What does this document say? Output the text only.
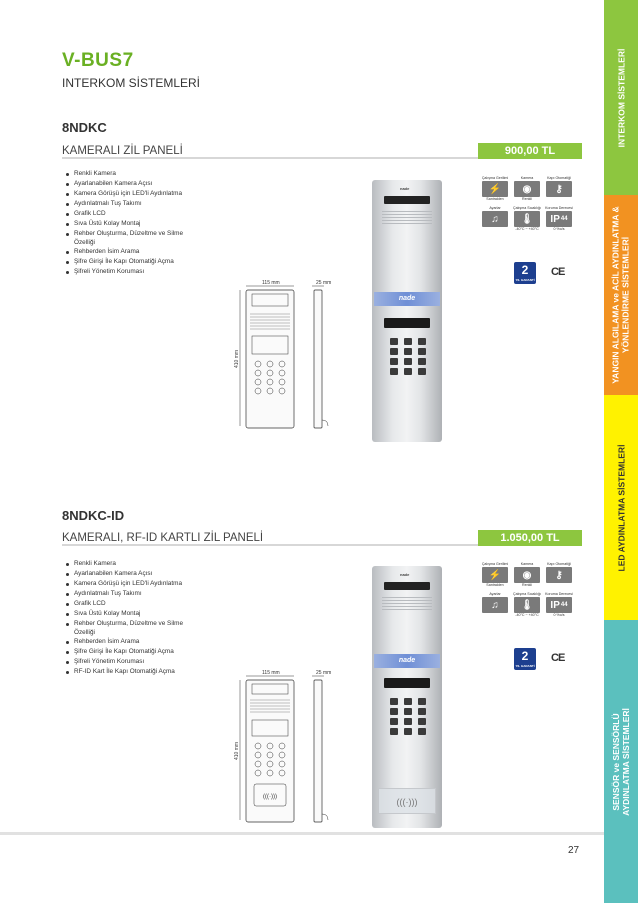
INTERKOM SİSTEMLERİ
YANGIN ALGILAMA ve ACİL AYDINLATMA & YÖNLENDİRME SİSTEMLERİ
LED AYDINLATMA SİSTEMLERİ
SENSÖR ve SENSÖRLÜ AYDINLATMA SİSTEMLERİ
V-BUS7
INTERKOM SİSTEMLERİ
8NDKC
KAMERALI ZİL PANELİ	900,00 TL
Renkli Kamera
Ayarlanabilen Kamera Açısı
Kamera Görüşü için LED'li Aydınlatma
Aydınlatmalı Tuş Takımı
Grafik LCD
Sıva Üstü Kolay Montaj
Rehber Oluşturma, Düzeltme ve Silme Özelliği
Rehberden İsim Arama
Şifre Girişi İle Kapı Otomatiği Açma
Şifreli Yönetim Koruması
115 mm	25 mm
410 mm
nade
nade
Çalışma Gerilimi
⚡
Santralden
Kamera
◉
Renkli
Kapı Otomatiği
⚷
Ayarlar
♫
Çalışma Sıcaklığı
🌡
-40°C ~ +40°C
Koruma Derecesi
IP 44
0 %o/s
2
YIL GARANTİ
CE
8NDKC-ID
KAMERALI, RF-ID KARTLI ZİL PANELİ	1.050,00 TL
Renkli Kamera
Ayarlanabilen Kamera Açısı
Kamera Görüşü için LED'li Aydınlatma
Aydınlatmalı Tuş Takımı
Grafik LCD
Sıva Üstü Kolay Montaj
Rehber Oluşturma, Düzeltme ve Silme Özelliği
Rehberden İsim Arama
Şifre Girişi İle Kapı Otomatiği Açma
Şifreli Yönetim Koruması
RF-ID Kart İle Kapı Otomatiği Açma
(((·)))
115 mm	25 mm
410 mm
nade
nade
(((·)))
Çalışma Gerilimi
⚡
Santralden
Kamera
◉
Renkli
Kapı Otomatiği
⚷
Ayarlar
♫
Çalışma Sıcaklığı
🌡
-40°C ~ +40°C
Koruma Derecesi
IP 44
0 %o/s
2
YIL GARANTİ
CE
27
